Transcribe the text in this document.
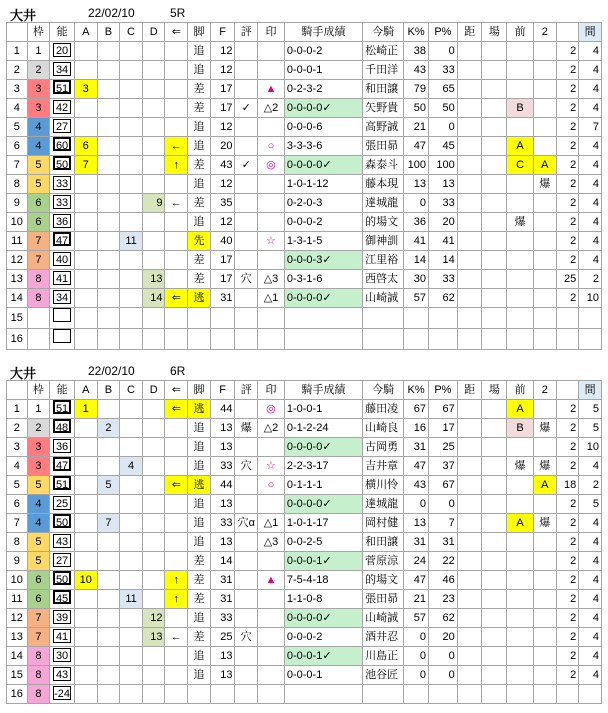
大井	22/02/10	5R
	枠	能	A	B	C	D	⇐	脚	F	評	印	騎手成績	今騎	K%	P%	距	場	前	2		間
1	1	20						追	12			0-0-0-2	松崎正	38	0					2	4
2	2	34						追	12			0-0-0-1	千田洋	43	33					2	4
3	3	51	3					差	17		▲	0-2-3-2	和田譲	79	65					2	4
4	3	42						差	17	✓	△2	0-0-0-0✓	矢野貴	50	50			B		2	4
5	4	27						追	12			0-0-0-6	高野誠	21	0					2	7
6	4	60	6				←	追	20		○	3-3-3-6	張田昴	47	45			A		2	4
7	5	50	7				↑	差	43	✓	◎	0-0-0-0✓	森泰斗	100	100			C	A	2	4
8	5	33						追	12			1-0-1-12	藤本現	13	13				爆	2	4
9	6	33				9	←	差	35			0-2-0-3	達城龍	0	33					2	4
10	6	36						追	12			0-0-0-2	的場文	36	20			爆		2	4
11	7	47			11			先	40		☆	1-3-1-5	御神訓	41	41					2	4
12	7	40						差	17			0-0-0-3✓	江里裕	14	14					2	4
13	8	41				13		差	17	穴	△3	0-3-1-6	西啓太	30	33					25	2
14	8	34				14	⇐	逃	31		△1	0-0-0-0✓	山崎誠	57	62					2	10
15																					
16																					
大井	22/02/10	6R
	枠	能	A	B	C	D	⇐	脚	F	評	印	騎手成績	今騎	K%	P%	距	場	前	2		間
1	1	51	1				⇐	逃	44		◎	1-0-0-1	藤田凌	67	67			A		2	5
2	2	48		2				追	13	爆	△2	0-1-2-24	山崎良	16	17			B	爆	2	5
3	3	36						追	13			0-0-0-0✓	古岡勇	31	25					2	10
4	3	47			4			追	33	穴	☆	2-2-3-17	吉井章	47	37			爆	爆	2	4
5	5	51		5			⇐	逃	44		○	0-1-1-1	横川怜	43	67				A	18	2
6	4	25						追	13			0-0-0-0✓	達城龍	0	0					2	5
7	4	50		7				追	33	穴α	△1	1-0-1-17	岡村健	13	7			A	爆	2	4
8	5	43						追	13		△3	0-0-2-5	和田譲	31	31					2	4
9	5	27						差	14			0-0-0-1✓	菅原涼	24	22					2	4
10	6	50	10				↑	差	31		▲	7-5-4-18	的場文	47	46					2	4
11	6	45			11		↑	差	31			1-1-0-8	張田昴	21	23					2	4
12	7	39				12		追	33			0-0-0-0✓	山崎誠	57	62					2	4
13	7	41				13	←	差	25	穴		0-0-0-2	酒井忍	0	20					2	4
14	8	30						追	13			0-0-0-1✓	川島正	0	0					2	4
15	8	43						追	13			0-0-0-1	池谷匠	0	0					2	4
16	8	-24																			
